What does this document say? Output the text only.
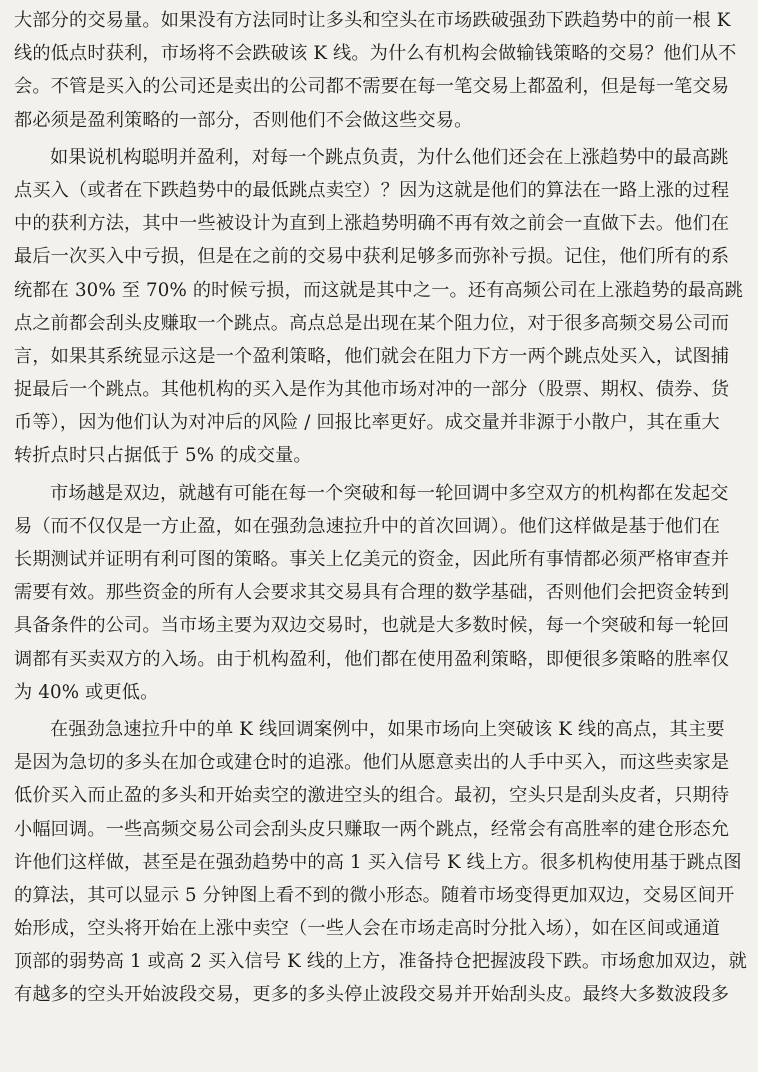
大部分的交易量。如果没有方法同时让多头和空头在市场跌破强劲下跌趋势中的前一根 K
线的低点时获利，市场将不会跌破该 K 线。为什么有机构会做输钱策略的交易？他们从不
会。不管是买入的公司还是卖出的公司都不需要在每一笔交易上都盈利，但是每一笔交易
都必须是盈利策略的一部分，否则他们不会做这些交易。
如果说机构聪明并盈利，对每一个跳点负责，为什么他们还会在上涨趋势中的最高跳
点买入（或者在下跌趋势中的最低跳点卖空）？因为这就是他们的算法在一路上涨的过程
中的获利方法，其中一些被设计为直到上涨趋势明确不再有效之前会一直做下去。他们在
最后一次买入中亏损，但是在之前的交易中获利足够多而弥补亏损。记住，他们所有的系
统都在 30% 至 70% 的时候亏损，而这就是其中之一。还有高频公司在上涨趋势的最高跳
点之前都会刮头皮赚取一个跳点。高点总是出现在某个阻力位，对于很多高频交易公司而
言，如果其系统显示这是一个盈利策略，他们就会在阻力下方一两个跳点处买入，试图捕
捉最后一个跳点。其他机构的买入是作为其他市场对冲的一部分（股票、期权、债券、货
币等），因为他们认为对冲后的风险 / 回报比率更好。成交量并非源于小散户，其在重大
转折点时只占据低于 5% 的成交量。
市场越是双边，就越有可能在每一个突破和每一轮回调中多空双方的机构都在发起交
易（而不仅仅是一方止盈，如在强劲急速拉升中的首次回调）。他们这样做是基于他们在
长期测试并证明有利可图的策略。事关上亿美元的资金，因此所有事情都必须严格审查并
需要有效。那些资金的所有人会要求其交易具有合理的数学基础，否则他们会把资金转到
具备条件的公司。当市场主要为双边交易时，也就是大多数时候，每一个突破和每一轮回
调都有买卖双方的入场。由于机构盈利，他们都在使用盈利策略，即便很多策略的胜率仅
为 40% 或更低。
在强劲急速拉升中的单 K 线回调案例中，如果市场向上突破该 K 线的高点，其主要
是因为急切的多头在加仓或建仓时的追涨。他们从愿意卖出的人手中买入，而这些卖家是
低价买入而止盈的多头和开始卖空的激进空头的组合。最初，空头只是刮头皮者，只期待
小幅回调。一些高频交易公司会刮头皮只赚取一两个跳点，经常会有高胜率的建仓形态允
许他们这样做，甚至是在强劲趋势中的高 1 买入信号 K 线上方。很多机构使用基于跳点图
的算法，其可以显示 5 分钟图上看不到的微小形态。随着市场变得更加双边，交易区间开
始形成，空头将开始在上涨中卖空（一些人会在市场走高时分批入场），如在区间或通道
顶部的弱势高 1 或高 2 买入信号 K 线的上方，准备持仓把握波段下跌。市场愈加双边，就
有越多的空头开始波段交易，更多的多头停止波段交易并开始刮头皮。最终大多数波段多
